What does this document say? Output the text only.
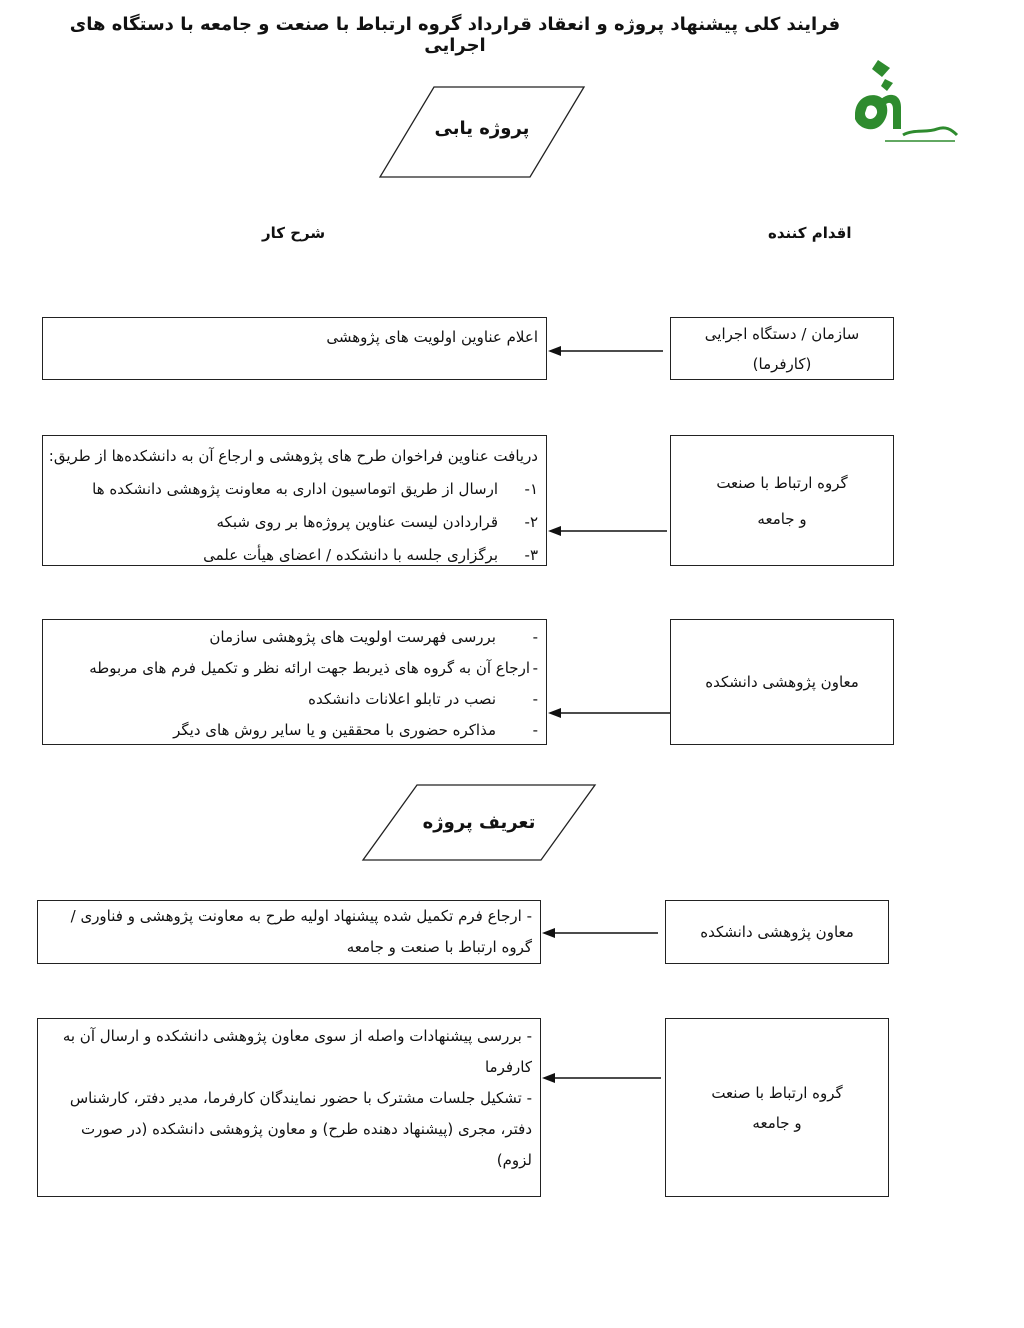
فرایند کلی پیشنهاد پروژه و انعقاد قرارداد گروه ارتباط با صنعت و جامعه با دستگاه های اجرایی
پروژه یابی
شرح کار	اقدام کننده
اعلام عناوین اولویت های پژوهشی	سازمان / دستگاه اجرایی
(کارفرما)
دریافت عناوین فراخوان طرح های پژوهشی و ارجاع آن به دانشکده‌ها از طریق:
۱-ارسال از طریق اتوماسیون اداری به معاونت پژوهشی دانشکده ها
۲-قراردادن لیست عناوین پروژه‌ها بر روی شبکه
۳-برگزاری جلسه با دانشکده / اعضای هیأت علمی
گروه ارتباط با صنعت
و جامعه
-بررسی فهرست اولویت های پژوهشی سازمان
-ارجاع آن به گروه های ذیربط جهت ارائه نظر و تکمیل فرم های مربوطه
-نصب در تابلو اعلانات دانشکده
-مذاکره حضوری با محققین و یا سایر روش های دیگر
معاون پژوهشی دانشکده
تعریف پروژه
- ارجاع فرم تکمیل شده پیشنهاد اولیه طرح به معاونت پژوهشی و فناوری / گروه ارتباط با صنعت و جامعه
معاون پژوهشی دانشکده
- بررسی پیشنهادات واصله از سوی معاون پژوهشی دانشکده و ارسال آن به کارفرما
- تشکیل جلسات مشترک با حضور نمایندگان کارفرما، مدیر دفتر، کارشناس دفتر، مجری (پیشنهاد دهنده طرح) و معاون پژوهشی دانشکده (در صورت لزوم)
گروه ارتباط با صنعت
و جامعه
